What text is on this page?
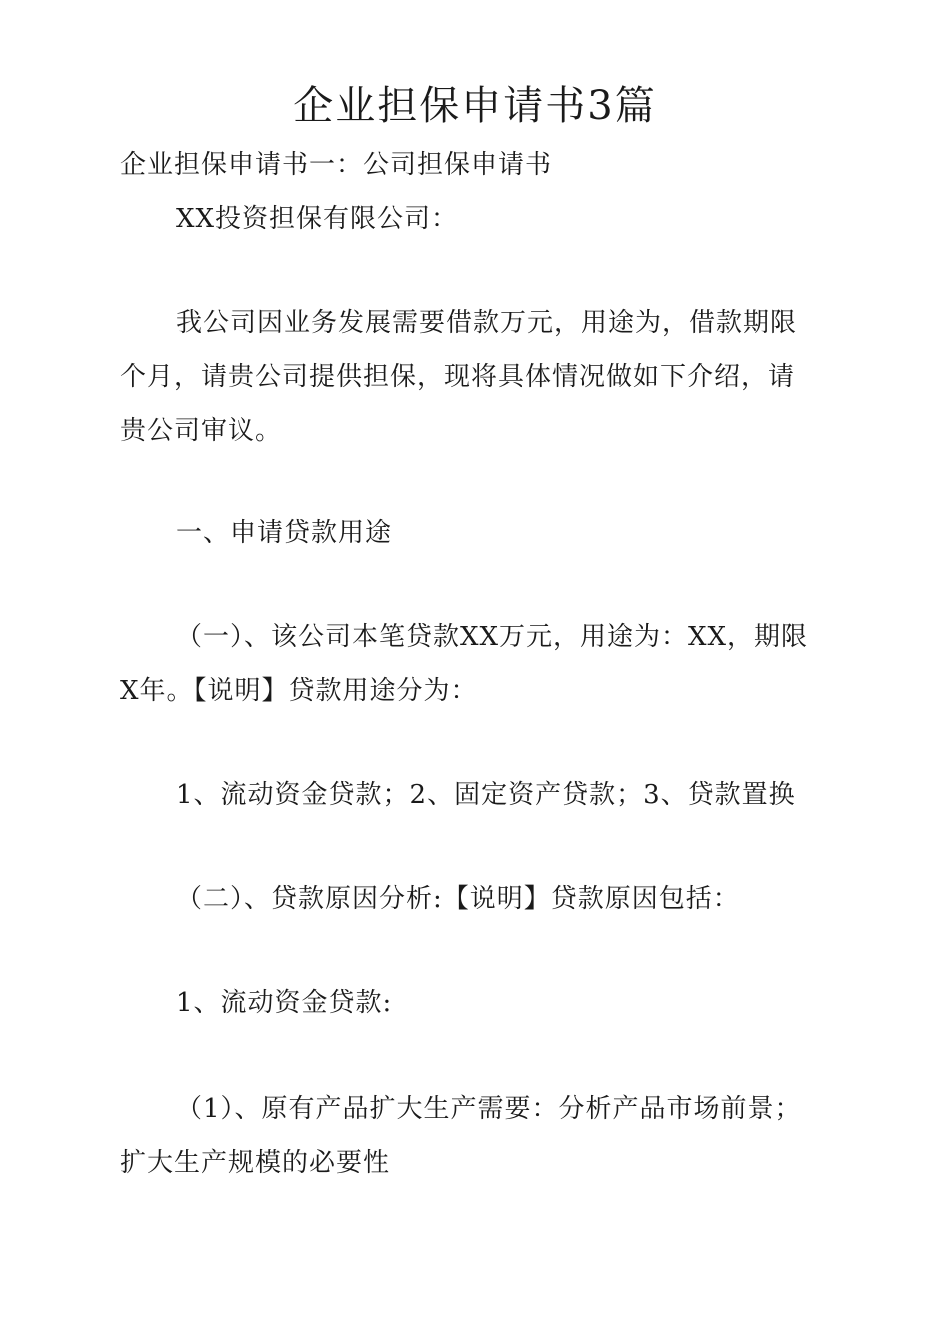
企业担保申请书3篇
企业担保申请书一：公司担保申请书
XX投资担保有限公司：
我公司因业务发展需要借款万元，用途为，借款期限
个月，请贵公司提供担保，现将具体情况做如下介绍，请
贵公司审议。
一、申请贷款用途
（一）、该公司本笔贷款XX万元，用途为：XX，期限
X年。【说明】贷款用途分为：
1、流动资金贷款；2、固定资产贷款；3、贷款置换
（二）、贷款原因分析:【说明】贷款原因包括：
1、流动资金贷款:
（1）、原有产品扩大生产需要：分析产品市场前景；
扩大生产规模的必要性
